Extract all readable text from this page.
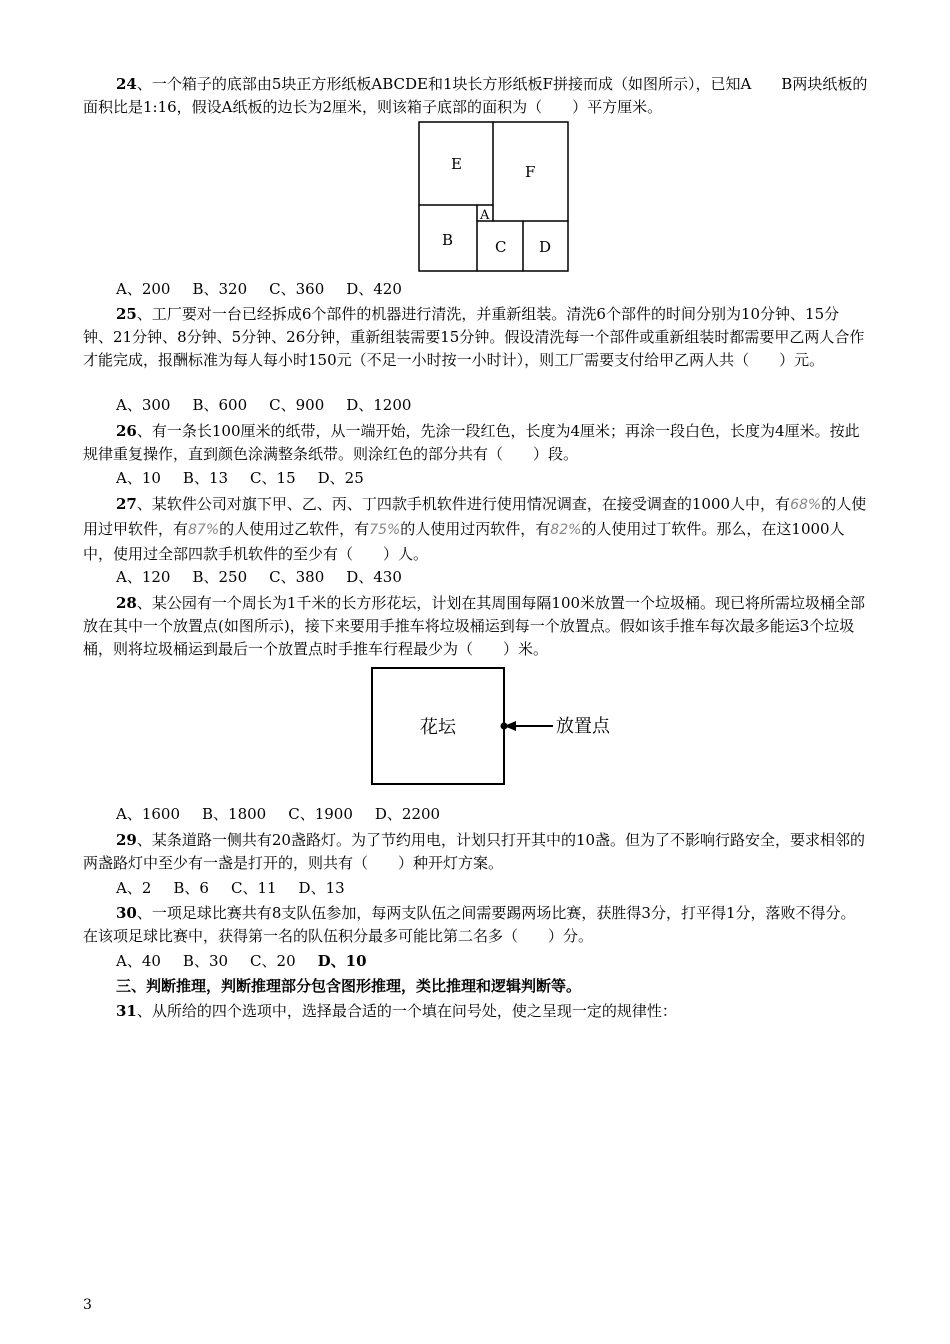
24、一个箱子的底部由5块正方形纸板ABCDE和1块长方形纸板F拼接而成（如图所示），已知A　　B两块纸板的面积比是1:16，假设A纸板的边长为2厘米，则该箱子底部的面积为（　　）平方厘米。

E	F
A
B	C D
A、200 B、320 C、360 D、420

25、工厂要对一台已经拆成6个部件的机器进行清洗，并重新组装。清洗6个部件的时间分别为10分钟、15分钟、21分钟、8分钟、5分钟、26分钟，重新组装需要15分钟。假设清洗每一个部件或重新组装时都需要甲乙两人合作才能完成，报酬标准为每人每小时150元（不足一小时按一小时计），则工厂需要支付给甲乙两人共（　　）元。

A、300 B、600 C、900 D、1200

26、有一条长100厘米的纸带，从一端开始，先涂一段红色，长度为4厘米；再涂一段白色，长度为4厘米。按此规律重复操作，直到颜色涂满整条纸带。则涂红色的部分共有（　　）段。

A、10 B、13 C、15 D、25

27、某软件公司对旗下甲、乙、丙、丁四款手机软件进行使用情况调查，在接受调查的1000人中，有68%的人使用过甲软件，有87%的人使用过乙软件，有75%的人使用过丙软件，有82%的人使用过丁软件。那么，在这1000人中，使用过全部四款手机软件的至少有（　　）人。

A、120 B、250 C、380 D、430

28、某公园有一个周长为1千米的长方形花坛，计划在其周围每隔100米放置一个垃圾桶。现已将所需垃圾桶全部放在其中一个放置点(如图所示)，接下来要用手推车将垃圾桶运到每一个放置点。假如该手推车每次最多能运3个垃圾桶，则将垃圾桶运到最后一个放置点时手推车行程最少为（　　）米。

花坛	放置点
A、1600 B、1800 C、1900 D、2200

29、某条道路一侧共有20盏路灯。为了节约用电，计划只打开其中的10盏。但为了不影响行路安全，要求相邻的两盏路灯中至少有一盏是打开的，则共有（　　）种开灯方案。

A、2 B、6 C、11 D、13

30、一项足球比赛共有8支队伍参加，每两支队伍之间需要踢两场比赛，获胜得3分，打平得1分，落败不得分。在该项足球比赛中，获得第一名的队伍积分最多可能比第二名多（　　）分。

A、40 B、30 C、20 D、10

三、判断推理，判断推理部分包含图形推理，类比推理和逻辑判断等。

31、从所给的四个选项中，选择最合适的一个填在问号处，使之呈现一定的规律性：

3
